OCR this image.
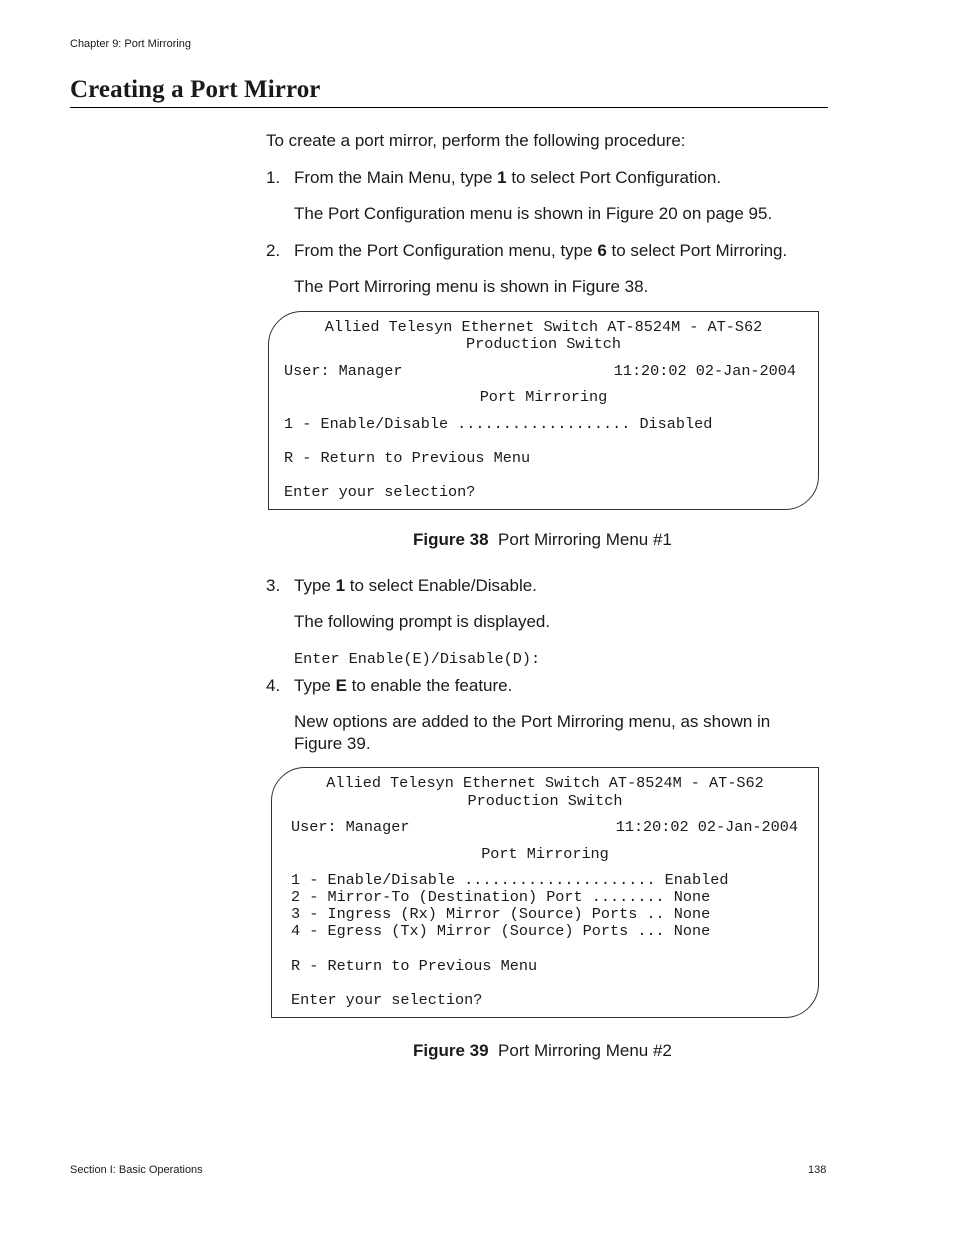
Chapter 9: Port Mirroring
Creating a Port Mirror
To create a port mirror, perform the following procedure:
1. From the Main Menu, type 1 to select Port Configuration.
The Port Configuration menu is shown in Figure 20 on page 95.
2. From the Port Configuration menu, type 6 to select Port Mirroring.
The Port Mirroring menu is shown in Figure 38.
Allied Telesyn Ethernet Switch AT-8524M - AT-S62
Production Switch
User: Manager	11:20:02 02-Jan-2004
Port Mirroring
1 - Enable/Disable ................... Disabled
R - Return to Previous Menu
Enter your selection?
Figure 38 Port Mirroring Menu #1
3. Type 1 to select Enable/Disable.
The following prompt is displayed.
Enter Enable(E)/Disable(D):
4. Type E to enable the feature.
New options are added to the Port Mirroring menu, as shown in
Figure 39.
Allied Telesyn Ethernet Switch AT-8524M - AT-S62
Production Switch
User: Manager	11:20:02 02-Jan-2004
Port Mirroring
1 - Enable/Disable ..................... Enabled
2 - Mirror-To (Destination) Port ........ None
3 - Ingress (Rx) Mirror (Source) Ports .. None
4 - Egress (Tx) Mirror (Source) Ports ... None
R - Return to Previous Menu
Enter your selection?
Figure 39 Port Mirroring Menu #2
Section I: Basic Operations	138
